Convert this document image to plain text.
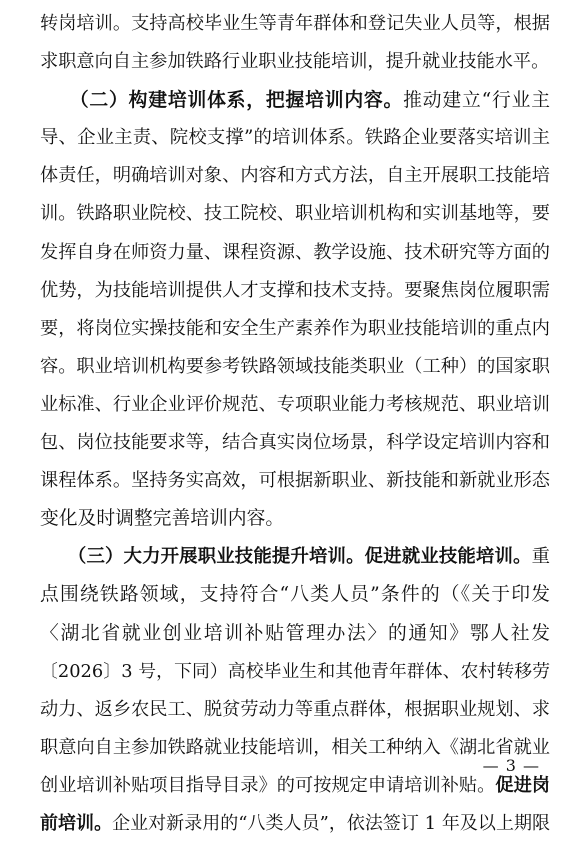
转岗培训。支持高校毕业生等青年群体和登记失业人员等，根据
求职意向自主参加铁路行业职业技能培训，提升就业技能水平。
　　（二）构建培训体系，把握培训内容。推动建立“行业主
导、企业主责、院校支撑”的培训体系。铁路企业要落实培训主
体责任，明确培训对象、内容和方式方法，自主开展职工技能培
训。铁路职业院校、技工院校、职业培训机构和实训基地等，要
发挥自身在师资力量、课程资源、教学设施、技术研究等方面的
优势，为技能培训提供人才支撑和技术支持。要聚焦岗位履职需
要，将岗位实操技能和安全生产素养作为职业技能培训的重点内
容。职业培训机构要参考铁路领域技能类职业（工种）的国家职
业标准、行业企业评价规范、专项职业能力考核规范、职业培训
包、岗位技能要求等，结合真实岗位场景，科学设定培训内容和
课程体系。坚持务实高效，可根据新职业、新技能和新就业形态
变化及时调整完善培训内容。
　　（三）大力开展职业技能提升培训。促进就业技能培训。重
点围绕铁路领域，支持符合“八类人员”条件的（《关于印发
〈湖北省就业创业培训补贴管理办法〉的通知》鄂人社发
〔2026〕3 号，下同）高校毕业生和其他青年群体、农村转移劳
动力、返乡农民工、脱贫劳动力等重点群体，根据职业规划、求
职意向自主参加铁路就业技能培训，相关工种纳入《湖北省就业
创业培训补贴项目指导目录》的可按规定申请培训补贴。促进岗
前培训。企业对新录用的“八类人员”，依法签订 1 年及以上期限
— 3 —
